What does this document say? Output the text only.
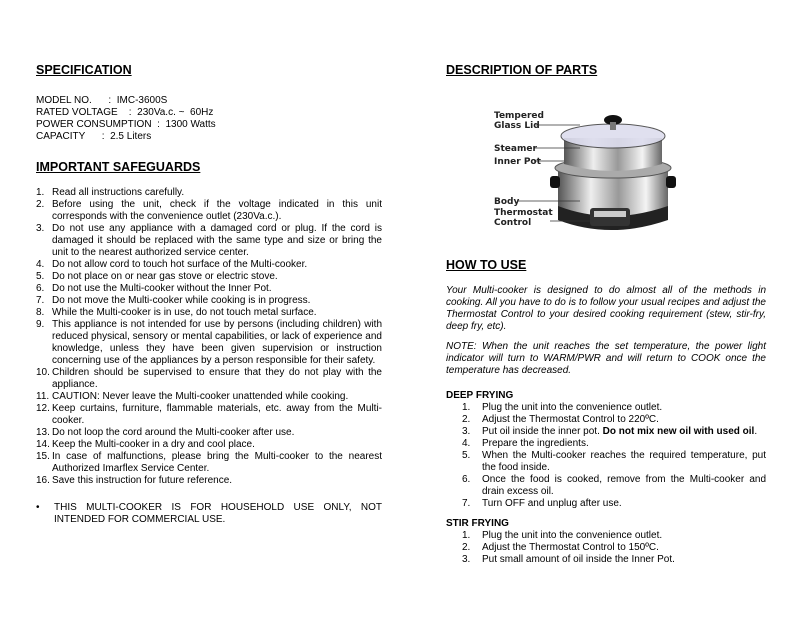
SPECIFICATION
MODEL NO.      :  IMC-3600S
RATED VOLTAGE    :  230Va.c. ~  60Hz
POWER CONSUMPTION  :  1300 Watts
CAPACITY      :  2.5 Liters
IMPORTANT SAFEGUARDS
1. Read all instructions carefully.
2. Before using the unit, check if the voltage indicated in this unit corresponds with the convenience outlet (230Va.c.).
3. Do not use any appliance with a damaged cord or plug. If the cord is damaged it should be replaced with the same type and size or bring the unit to the nearest authorized service center.
4. Do not allow cord to touch hot surface of the Multi-cooker.
5. Do not place on or near gas stove or electric stove.
6. Do not use the Multi-cooker without the Inner Pot.
7. Do not move the Multi-cooker while cooking is in progress.
8. While the Multi-cooker is in use, do not touch metal surface.
9. This appliance is not intended for use by persons (including children) with reduced physical, sensory or mental capabilities, or lack of experience and knowledge, unless they have been given supervision or instruction concerning use of the appliances by a person responsible for their safety.
10. Children should be supervised to ensure that they do not play with the appliance.
11. CAUTION: Never leave the Multi-cooker unattended while cooking.
12. Keep curtains, furniture, flammable materials, etc. away from the Multi-cooker.
13. Do not loop the cord around the Multi-cooker after use.
14. Keep the Multi-cooker in a dry and cool place.
15. In case of malfunctions, please bring the Multi-cooker to the nearest Authorized Imarflex Service Center.
16. Save this instruction for future reference.
•	THIS MULTI-COOKER IS FOR HOUSEHOLD USE ONLY, NOT INTENDED FOR COMMERCIAL USE.
DESCRIPTION OF PARTS
Tempered
Glass Lid
Steamer
Inner Pot
Body
Thermostat
Control
HOW TO USE
Your Multi-cooker is designed to do almost all of the methods in cooking. All you have to do is to follow your usual recipes and adjust the Thermostat Control to your desired cooking requirement (stew, stir-fry, deep fry, etc).
NOTE: When the unit reaches the set temperature, the power light indicator will turn to WARM/PWR and will return to COOK once the temperature has decreased.
DEEP FRYING
1.	Plug the unit into the convenience outlet.
2.	Adjust the Thermostat Control to 220ºC.
3.	Put oil inside the inner pot. Do not mix new oil with used oil.
4.	Prepare the ingredients.
5.	When the Multi-cooker reaches the required temperature, put the food inside.
6.	Once the food is cooked, remove from the Multi-cooker and drain excess oil.
7.	Turn OFF and unplug after use.
STIR FRYING
1.	Plug the unit into the convenience outlet.
2.	Adjust the Thermostat Control to 150ºC.
3.	Put small amount of oil inside the Inner Pot.
